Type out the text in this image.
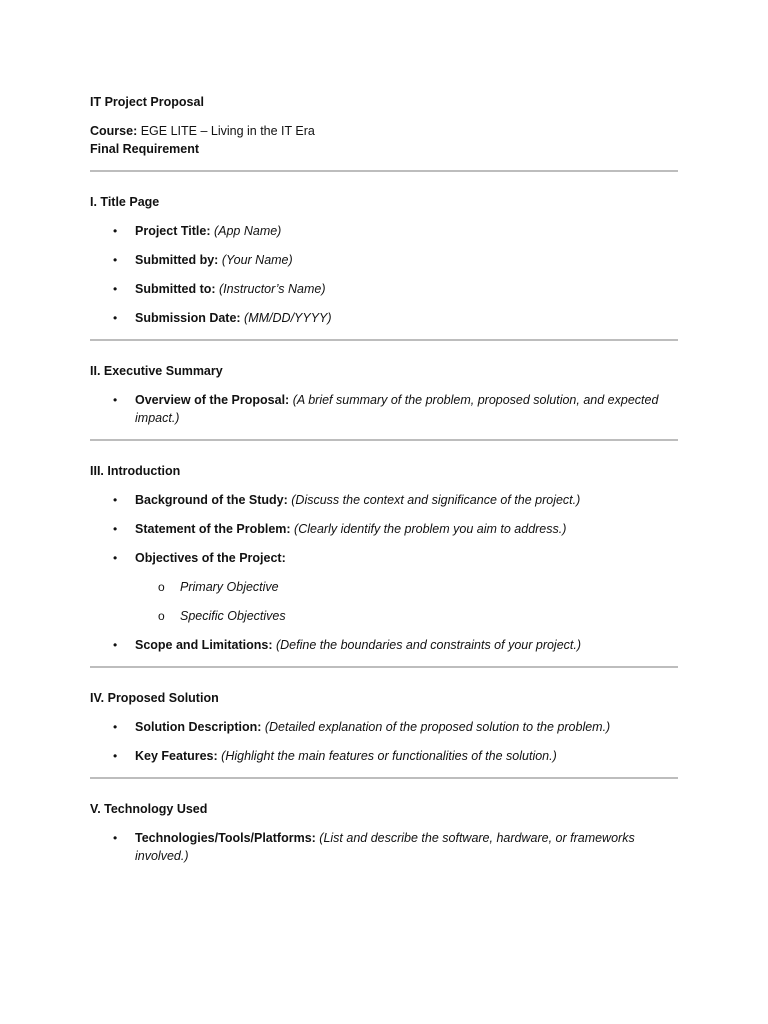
IT Project Proposal
Course: EGE LITE – Living in the IT Era
Final Requirement
I. Title Page
• Project Title: (App Name)
• Submitted by: (Your Name)
• Submitted to: (Instructor’s Name)
• Submission Date: (MM/DD/YYYY)
II. Executive Summary
• Overview of the Proposal: (A brief summary of the problem, proposed solution, and expected impact.)
III. Introduction
• Background of the Study: (Discuss the context and significance of the project.)
• Statement of the Problem: (Clearly identify the problem you aim to address.)
• Objectives of the Project:
o Primary Objective
o Specific Objectives
• Scope and Limitations: (Define the boundaries and constraints of your project.)
IV. Proposed Solution
• Solution Description: (Detailed explanation of the proposed solution to the problem.)
• Key Features: (Highlight the main features or functionalities of the solution.)
V. Technology Used
• Technologies/Tools/Platforms: (List and describe the software, hardware, or frameworks involved.)
